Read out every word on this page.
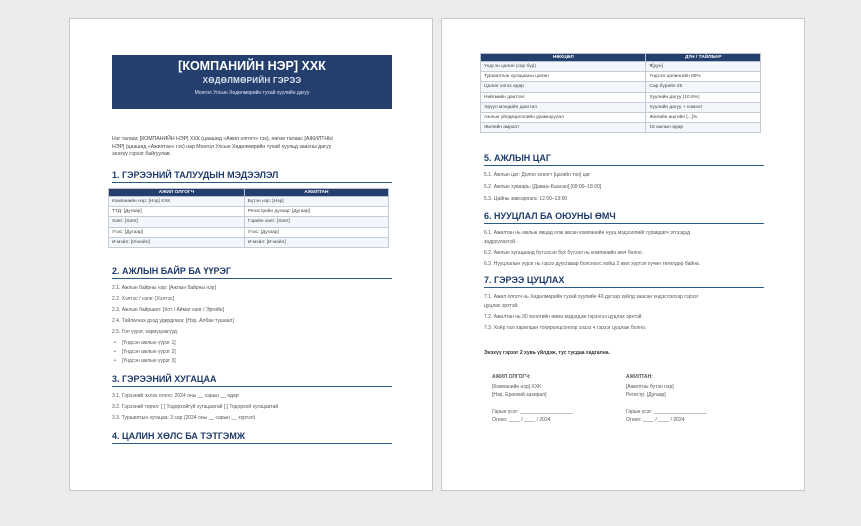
[КОМПАНИЙН НЭР] ХХК
ХӨДӨЛМӨРИЙН ГЭРЭЭ
Монгол Улсын Хөдөлмөрийн тухай хуулийн дагуу
Нэг талаас [КОМПАНИЙН НЭР] ХХК (цаашид «Ажил олгогч» гэх), нөгөө талаас [АЖИЛТНЫ
НЭР] (цаашид «Ажилтан» гэх) нар Монгол Улсын Хөдөлмөрийн тухай хуульд заасны дагуу
энэхүү гэрээг байгуулав.
1. ГЭРЭЭНИЙ ТАЛУУДЫН МЭДЭЭЛЭЛ
АЖИЛ ОЛГОГЧ	АЖИЛТАН
Компанийн нэр: [Нэр] ХХК	Бүтэн нэр: [Нэр]
ТТД: [Дугаар]	Регистрийн дугаар: [Дугаар]
Хаяг: [Хаяг]	Гэрийн хаяг: [Хаяг]
Утас: [Дугаар]	Утас: [Дугаар]
И-мэйл: [И-мэйл]	И-мэйл: [И-мэйл]
2. АЖЛЫН БАЙР БА ҮҮРЭГ
2.1. Ажлын байрны нэр: [Ажлын байрны нэр]
2.2. Хэлтэс / нэгж: [Хэлтэс]
2.3. Ажлын байршил: [Хот / Аймаг хаяг / Эргийн]
2.4. Тайлагнах дээд удирдлага: [Нэр, Албан тушаал]
2.5. Гол үүрэг, хариуцлагууд:
• [Үндсэн ажлын үүрэг 1]
• [Үндсэн ажлын үүрэг 2]
• [Үндсэн ажлын үүрэг 3]
3. ГЭРЭЭНИЙ ХУГАЦАА
3.1. Гэрээний эхлэх огноо: 2024 оны __ сарын __ өдөр
3.2. Гэрээний төрөл: [ ] Тодорхойгүй хугацаатай [ ] Тодорхой хугацаатай
3.3. Туршилтын хугацаа: 3 сар (2024 оны __ сарын __ хүртэл)
4. ЦАЛИН ХӨЛС БА ТЭТГЭМЖ
НӨХЦӨЛ	ДҮН / ТАЙЛБАР
Үндсэн цалин (сар бүр)	₮[дүн]
Туршилтын хугацааны цалин	Үндсэн цалингийн 80%
Цалин олгох өдөр	Сар бүрийн 25
Нийгмийн даатгал	Хуулийн дагуу (10.5%)
Эрүүл мэндийн даатгал	Хуулийн дагуу + нэмэлт
Ажлын үйлдвэрлэлийн урамшуулал	Жилийн ашгийн [...]%
Жилийн амралт	15 ажлын өдөр
5. АЖЛЫН ЦАГ
5.1. Ажлын цаг: Долоо хоногт [цагийн тоо] цаг
5.2. Ажлын хуваарь: [Даваа–Баасан] [09:00–18:00]
5.3. Цайны завсарлага: 12:00–13:00
6. НУУЦЛАЛ БА ОЮУНЫ ӨМЧ
6.1. Ажилтан нь ажлын явцад олж авсан компанийн нууц мэдээллийг гуравдагч этгээдэд
задруулахгүй.
6.2. Ажлын хугацаанд бүтээсэн бүх бүтээл нь компанийн өмч болно.
6.3. Нууцлалын үүрэг нь гэрээ дуусгавар болсноос хойш 2 жил хүртэл хүчин төгөлдөр байна.
7. ГЭРЭЭ ЦУЦЛАХ
7.1. Ажил олгогч нь Хөдөлмөрийн тухай хуулийн 40 дүгээр зүйлд заасан үндэслэлээр гэрээг
цуцлах эрхтэй.
7.2. Ажилтан нь 30 хоногийн өмнө мэдэгдэж гэрээгээ цуцлах эрхтэй.
7.3. Хоёр тал харилцан тохиролцсоноор ээзээ ч гэрээг цуцлаж болно.
Энэхүү гэрээг 2 хувь үйлдэж, тус тусдаа хадгална.
АЖИЛ ОЛГОГЧ:
[Компанийн нэр] ХХК
[Нэр, Ерөнхий захирал]
Гарын үсэг: ___________________
Огноо: ____ / ____ / 2024
АЖИЛТАН:
[Ажилтны бүтэн нэр]
Регистр: [Дугаар]
Гарын үсэг: ___________________
Огноо: ____ / ____ / 2024
